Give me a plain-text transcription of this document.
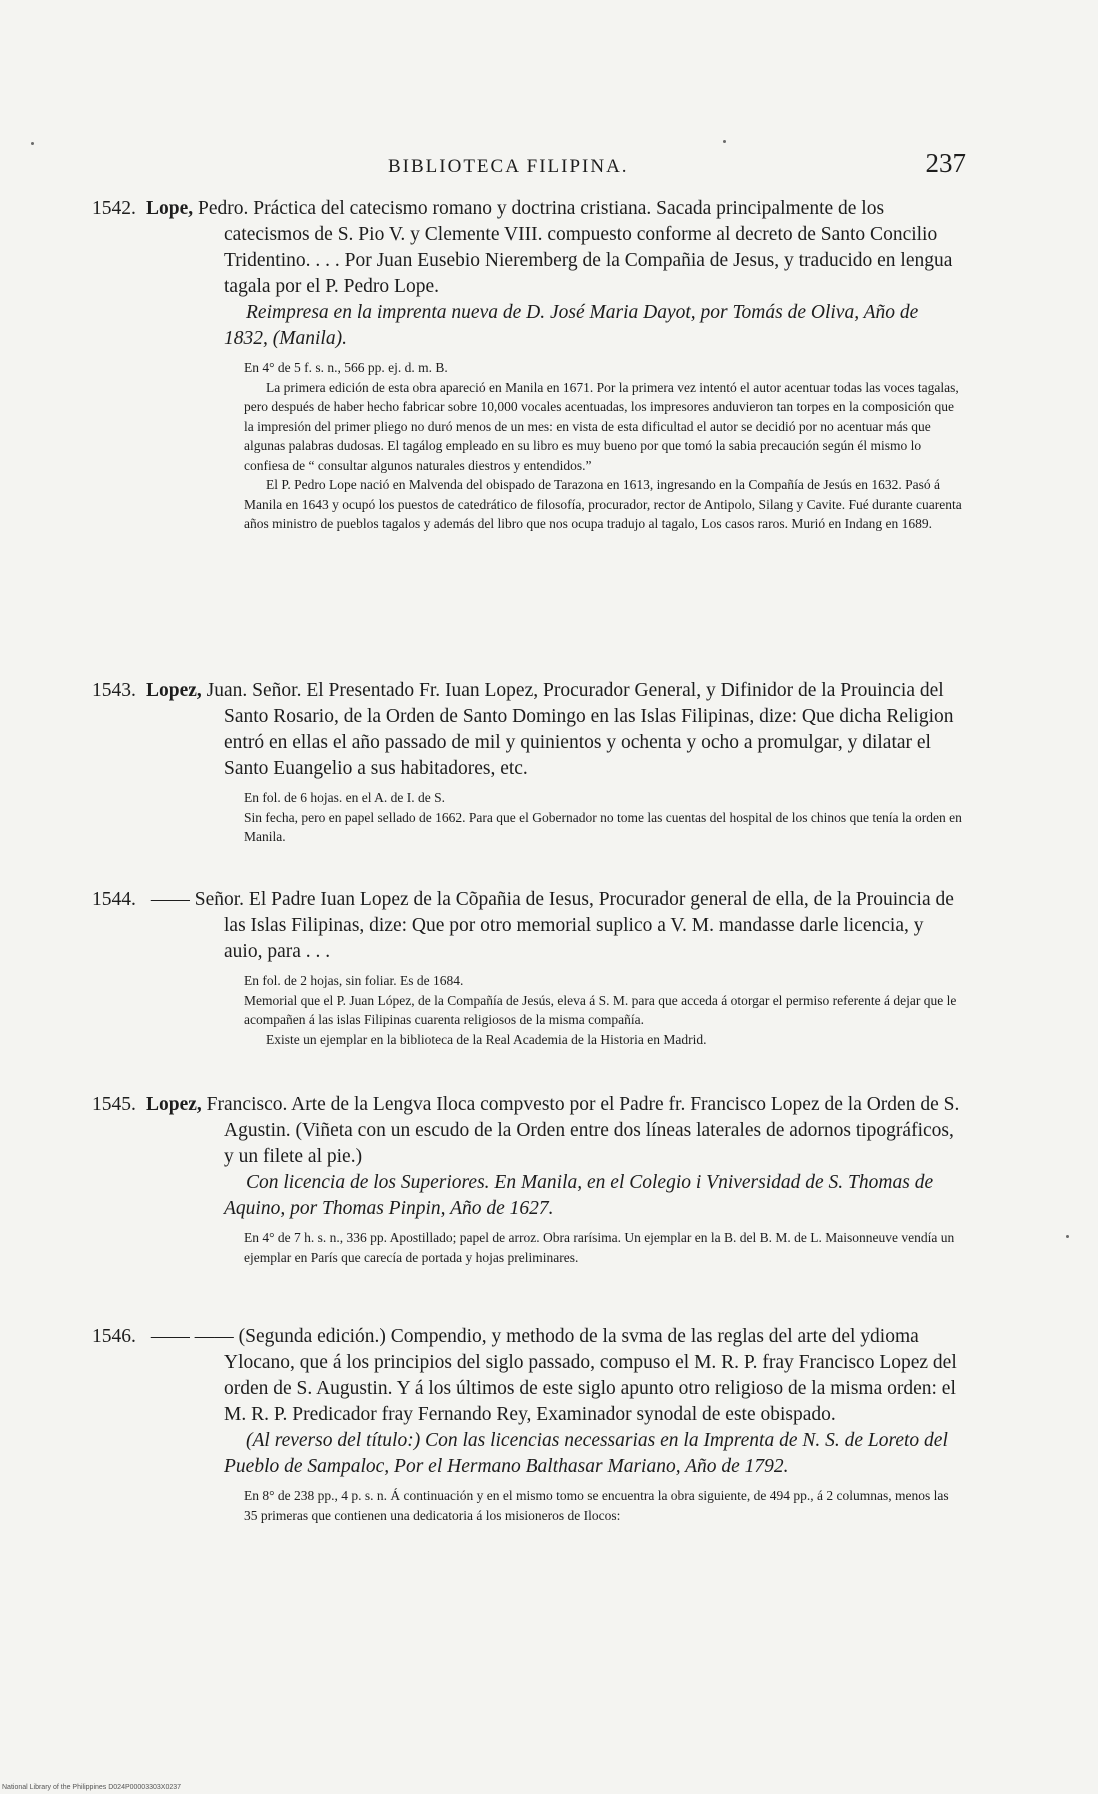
BIBLIOTECA FILIPINA.	237

1542. Lope, Pedro. Práctica del catecismo romano y doctrina cristiana. Sacada principalmente de los catecismos de S. Pio V. y Clemente VIII. compuesto conforme al decreto de Santo Concilio Tridentino. . . . Por Juan Eusebio Nieremberg de la Compañia de Jesus, y traducido en lengua tagala por el P. Pedro Lope.

Reimpresa en la imprenta nueva de D. José Maria Dayot, por Tomás de Oliva, Año de 1832, (Manila).

En 4° de 5 f. s. n., 566 pp. ej. d. m. B.

La primera edición de esta obra apareció en Manila en 1671. Por la primera vez intentó el autor acentuar todas las voces tagalas, pero después de haber hecho fabricar sobre 10,000 vocales acentuadas, los impresores anduvieron tan torpes en la composición que la impresión del primer pliego no duró menos de un mes: en vista de esta dificultad el autor se decidió por no acentuar más que algunas palabras dudosas. El tagálog empleado en su libro es muy bueno por que tomó la sabia precaución según él mismo lo confiesa de “ consultar algunos naturales diestros y entendidos.”

El P. Pedro Lope nació en Malvenda del obispado de Tarazona en 1613, ingresando en la Compañía de Jesús en 1632. Pasó á Manila en 1643 y ocupó los puestos de catedrático de filosofía, procurador, rector de Antipolo, Silang y Cavite. Fué durante cuarenta años ministro de pueblos tagalos y además del libro que nos ocupa tradujo al tagalo, Los casos raros. Murió en Indang en 1689.

1543. Lopez, Juan. Señor. El Presentado Fr. Iuan Lopez, Procurador General, y Difinidor de la Prouincia del Santo Rosario, de la Orden de Santo Domingo en las Islas Filipinas, dize: Que dicha Religion entró en ellas el año passado de mil y quinientos y ochenta y ocho a promulgar, y dilatar el Santo Euangelio a sus habitadores, etc.

En fol. de 6 hojas. en el A. de I. de S.

Sin fecha, pero en papel sellado de 1662. Para que el Gobernador no tome las cuentas del hospital de los chinos que tenía la orden en Manila.

1544. —— Señor. El Padre Iuan Lopez de la Cõpañia de Iesus, Procurador general de ella, de la Prouincia de las Islas Filipinas, dize: Que por otro memorial suplico a V. M. mandasse darle licencia, y auio, para . . .

En fol. de 2 hojas, sin foliar. Es de 1684.

Memorial que el P. Juan López, de la Compañía de Jesús, eleva á S. M. para que acceda á otorgar el permiso referente á dejar que le acompañen á las islas Filipinas cuarenta religiosos de la misma compañía.

Existe un ejemplar en la biblioteca de la Real Academia de la Historia en Madrid.

1545. Lopez, Francisco. Arte de la Lengva Iloca compvesto por el Padre fr. Francisco Lopez de la Orden de S. Agustin. (Viñeta con un escudo de la Orden entre dos líneas laterales de adornos tipográficos, y un filete al pie.)

Con licencia de los Superiores. En Manila, en el Colegio i Vniversidad de S. Thomas de Aquino, por Thomas Pinpin, Año de 1627.

En 4° de 7 h. s. n., 336 pp. Apostillado; papel de arroz. Obra rarísima. Un ejemplar en la B. del B. M. de L. Maisonneuve vendía un ejemplar en París que carecía de portada y hojas preliminares.

1546. —— —— (Segunda edición.) Compendio, y methodo de la svma de las reglas del arte del ydioma Ylocano, que á los principios del siglo passado, compuso el M. R. P. fray Francisco Lopez del orden de S. Augustin. Y á los últimos de este siglo apunto otro religioso de la misma orden: el M. R. P. Predicador fray Fernando Rey, Examinador synodal de este obispado.

(Al reverso del título:) Con las licencias necessarias en la Imprenta de N. S. de Loreto del Pueblo de Sampaloc, Por el Hermano Balthasar Mariano, Año de 1792.

En 8° de 238 pp., 4 p. s. n. Á continuación y en el mismo tomo se encuentra la obra siguiente, de 494 pp., á 2 columnas, menos las 35 primeras que contienen una dedicatoria á los misioneros de Ilocos:

National Library of the Philippines D024P00003303X0237
